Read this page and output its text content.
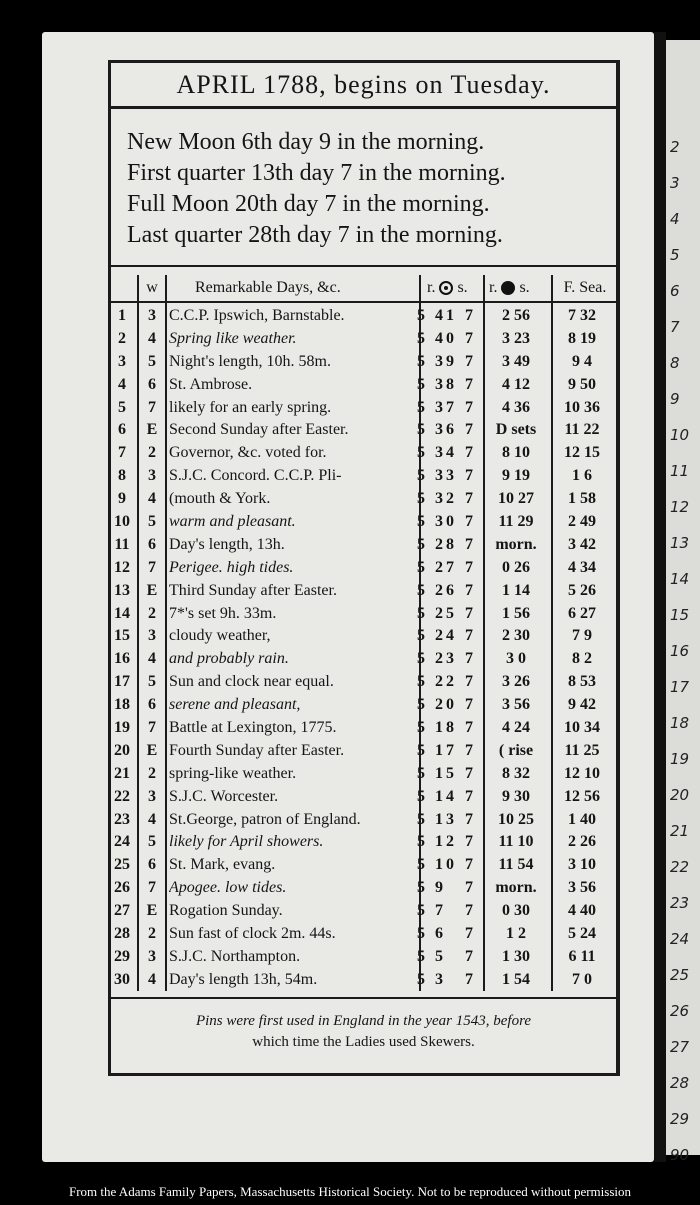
2
3
4
5
6
7
8
9
10
11
12
13
14
15
16
17
18
19
20
21
22
23
24
25
26
27
28
29
90
APRIL 1788, begins on Tuesday.
New Moon 6th day 9 in the morning.
First quarter 13th day 7 in the morning.
Full Moon 20th day 7 in the morning.
Last quarter 28th day 7 in the morning.
w	Remarkable Days, &c.	r. s.	r. s.	F. Sea.
1	3 C.C.P. Ipswich, Barnstable.	5 41 7	2 56	7 32
2	4 Spring like weather.	5 40 7	3 23	8 19
3	5 Night's length, 10h. 58m.	5 39 7	3 49	9 4
4	6 St. Ambrose.	5 38 7	4 12	9 50
5	7 likely for an early spring.	5 37 7	4 36	10 36
6	E Second Sunday after Easter.	5 36 7	D sets	11 22
7	2 Governor, &c. voted for.	5 34 7	8 10	12 15
8	3 S.J.C. Concord. C.C.P. Pli-	5 33 7	9 19	1 6
9	4 (mouth & York.	5 32 7	10 27	1 58
10	5 warm and pleasant.	5 30 7	11 29	2 49
11	6 Day's length, 13h.	5 28 7	morn.	3 42
12	7 Perigee. high tides.	5 27 7	0 26	4 34
13	E Third Sunday after Easter.	5 26 7	1 14	5 26
14	2 7*'s set 9h. 33m.	5 25 7	1 56	6 27
15	3 cloudy weather,	5 24 7	2 30	7 9
16	4 and probably rain.	5 23 7	3 0	8 2
17	5 Sun and clock near equal.	5 22 7	3 26	8 53
18	6 serene and pleasant,	5 20 7	3 56	9 42
19	7 Battle at Lexington, 1775.	5 18 7	4 24	10 34
20	E Fourth Sunday after Easter.	5 17 7	( rise	11 25
21	2 spring-like weather.	5 15 7	8 32	12 10
22	3 S.J.C. Worcester.	5 14 7	9 30	12 56
23	4 St.George, patron of England.	5 13 7	10 25	1 40
24	5 likely for April showers.	5 12 7	11 10	2 26
25	6 St. Mark, evang.	5 10 7	11 54	3 10
26	7 Apogee. low tides.	5 9	7	morn.	3 56
27	E Rogation Sunday.	5 7	7	0 30	4 40
28	2 Sun fast of clock 2m. 44s.	5 6	7	1 2	5 24
29	3 S.J.C. Northampton.	5 5	7	1 30	6 11
30	4 Day's length 13h, 54m.	5 3	7	1 54	7 0
Pins were first used in England in the year 1543, before
which time the Ladies used Skewers.
From the Adams Family Papers, Massachusetts Historical Society. Not to be reproduced without permission
